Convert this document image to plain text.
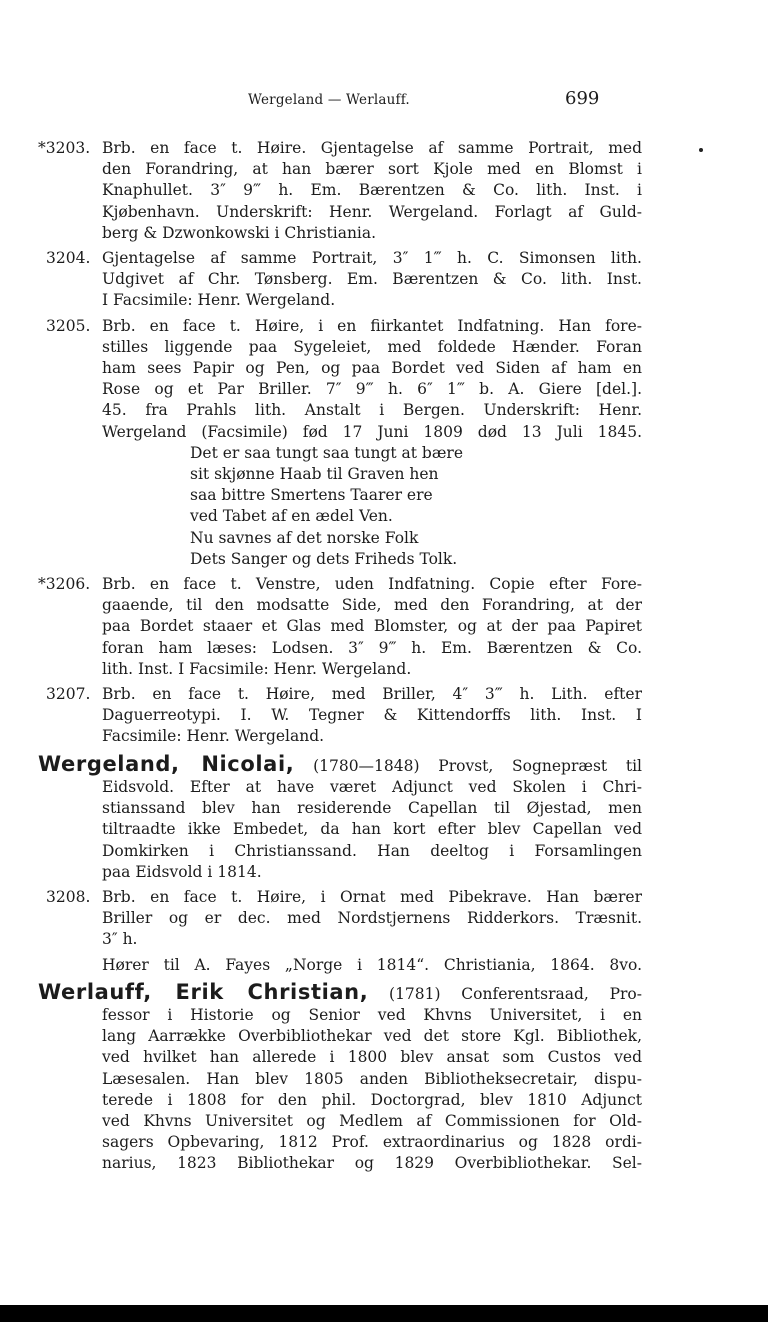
Wergeland — Werlauff.	699
*3203. Brb. en face t. Høire. Gjentagelse af samme Portrait, med
den Forandring, at han bærer sort Kjole med en Blomst i
Knaphullet. 3″ 9‴ h. Em. Bærentzen & Co. lith. Inst. i
Kjøbenhavn. Underskrift: Henr. Wergeland. Forlagt af Guld-
berg & Dzwonkowski i Christiania.
3204. Gjentagelse af samme Portrait, 3″ 1‴ h. C. Simonsen lith.
Udgivet af Chr. Tønsberg. Em. Bærentzen & Co. lith. Inst.
I Facsimile: Henr. Wergeland.
3205. Brb. en face t. Høire, i en fiirkantet Indfatning. Han fore-
stilles liggende paa Sygeleiet, med foldede Hænder. Foran
ham sees Papir og Pen, og paa Bordet ved Siden af ham en
Rose og et Par Briller. 7″ 9‴ h. 6″ 1‴ b. A. Giere [del.].
45. fra Prahls lith. Anstalt i Bergen. Underskrift: Henr.
Wergeland (Facsimile) fød 17 Juni 1809 død 13 Juli 1845.
Det er saa tungt saa tungt at bære
sit skjønne Haab til Graven hen
saa bittre Smertens Taarer ere
ved Tabet af en ædel Ven.
Nu savnes af det norske Folk
Dets Sanger og dets Friheds Tolk.
*3206. Brb. en face t. Venstre, uden Indfatning. Copie efter Fore-
gaaende, til den modsatte Side, med den Forandring, at der
paa Bordet staaer et Glas med Blomster, og at der paa Papiret
foran ham læses: Lodsen. 3″ 9‴ h. Em. Bærentzen & Co.
lith. Inst. I Facsimile: Henr. Wergeland.
3207. Brb. en face t. Høire, med Briller, 4″ 3‴ h. Lith. efter
Daguerreotypi. I. W. Tegner & Kittendorffs lith. Inst. I
Facsimile: Henr. Wergeland.
Wergeland, Nicolai, (1780—1848) Provst, Sognepræst til
Eidsvold. Efter at have været Adjunct ved Skolen i Chri-
stianssand blev han residerende Capellan til Øjestad, men
tiltraadte ikke Embedet, da han kort efter blev Capellan ved
Domkirken i Christianssand. Han deeltog i Forsamlingen
paa Eidsvold i 1814.
3208. Brb. en face t. Høire, i Ornat med Pibekrave. Han bærer
Briller og er dec. med Nordstjernens Ridderkors. Træsnit.
3″ h.
Hører til A. Fayes „Norge i 1814“. Christiania, 1864. 8vo.
Werlauff, Erik Christian, (1781) Conferentsraad, Pro-
fessor i Historie og Senior ved Khvns Universitet, i en
lang Aarrække Overbibliothekar ved det store Kgl. Bibliothek,
ved hvilket han allerede i 1800 blev ansat som Custos ved
Læsesalen. Han blev 1805 anden Bibliotheksecretair, dispu-
terede i 1808 for den phil. Doctorgrad, blev 1810 Adjunct
ved Khvns Universitet og Medlem af Commissionen for Old-
sagers Opbevaring, 1812 Prof. extraordinarius og 1828 ordi-
narius, 1823 Bibliothekar og 1829 Overbibliothekar. Sel-
